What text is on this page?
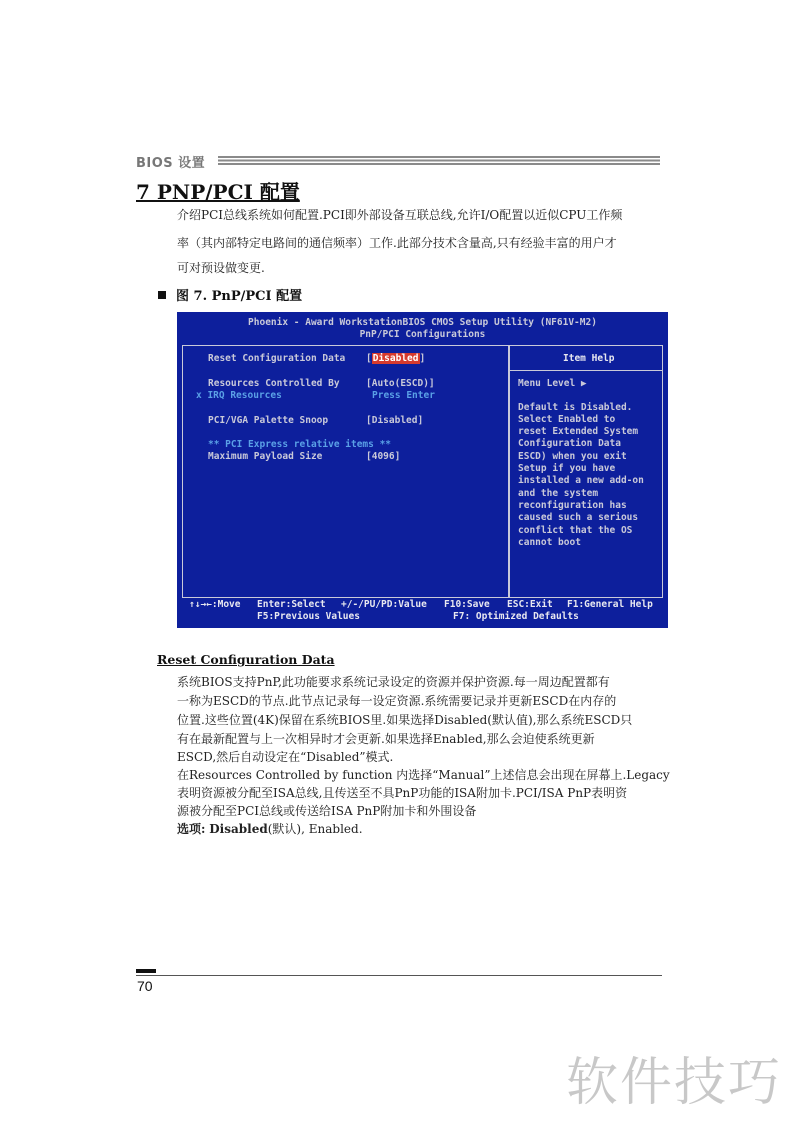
BIOS 设置
7 PNP/PCI 配置
介绍PCI总线系统如何配置.PCI即外部设备互联总线,允许I/O配置以近似CPU工作频
率（其内部特定电路间的通信频率）工作.此部分技术含量高,只有经验丰富的用户才
可对预设做变更.
图 7. PnP/PCI 配置
Phoenix - Award WorkstationBIOS CMOS Setup Utility (NF61V-M2)
PnP/PCI Configurations
Reset Configuration Data [Disabled]
Resources Controlled By	[Auto(ESCD)]
x IRQ Resources	Press Enter
PCI/VGA Palette Snoop	[Disabled]
** PCI Express relative items **
Maximum Payload Size	[4096]
Item Help
Menu Level ▶
Default is Disabled.
Select Enabled to
reset Extended System
Configuration Data
ESCD) when you exit
Setup if you have
installed a new add-on
and the system
reconfiguration has
caused such a serious
conflict that the OS
cannot boot
↑↓→←:Move Enter:Select +/-/PU/PD:Value F10:Save ESC:Exit F1:General Help
F5:Previous Values	F7: Optimized Defaults
Reset Configuration Data
系统BIOS支持PnP,此功能要求系统记录设定的资源并保护资源.每一周边配置都有
一称为ESCD的节点.此节点记录每一设定资源.系统需要记录并更新ESCD在内存的
位置.这些位置(4K)保留在系统BIOS里.如果选择Disabled(默认值),那么系统ESCD只
有在最新配置与上一次相异时才会更新.如果选择Enabled,那么会迫使系统更新
ESCD,然后自动设定在“Disabled”模式.
在Resources Controlled by function 内选择“Manual”上述信息会出现在屏幕上.Legacy
表明资源被分配至ISA总线,且传送至不具PnP功能的ISA附加卡.PCI/ISA PnP表明资
源被分配至PCI总线或传送给ISA PnP附加卡和外围设备
选项: Disabled(默认), Enabled.
70
软件技巧
